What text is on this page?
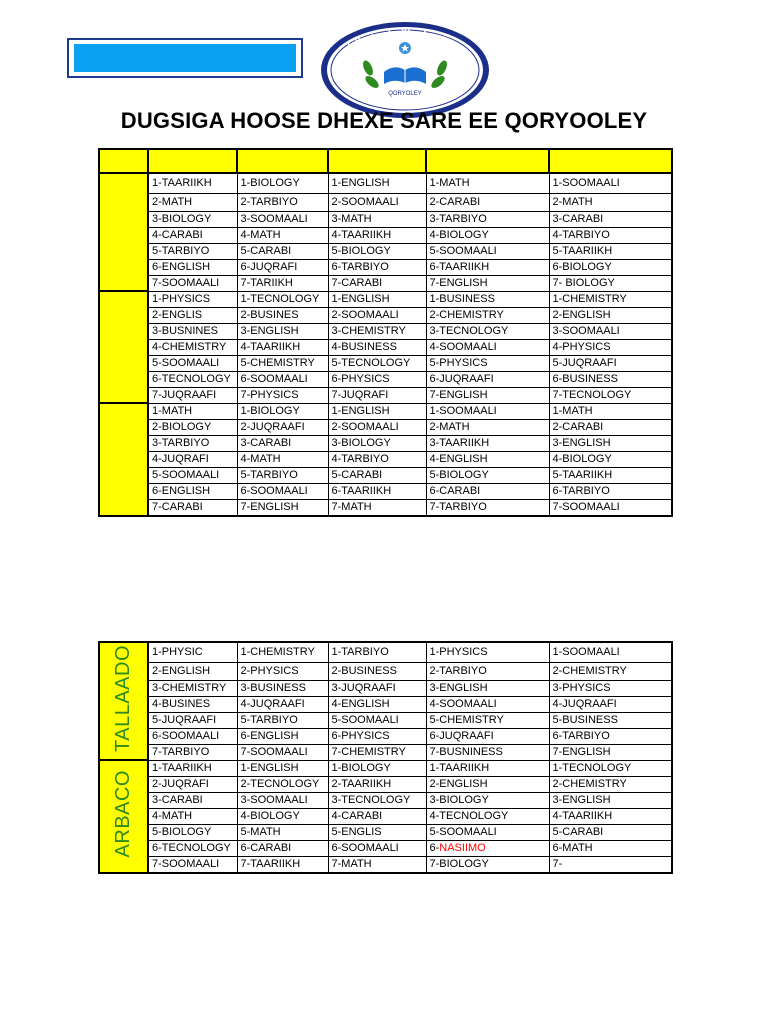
مدرسة قريولي الاساسية والثانوية
QORYOLEY PRIMARY & SECONDARY SCHOOL
QORYOLEY
DUGSIGA HOOSE DHEXE SARE EE QORYOOLEY

	1-TAARIIKH	1-BIOLOGY	1-ENGLISH	1-MATH	1-SOOMAALI
	2-MATH	2-TARBIYO	2-SOOMAALI	2-CARABI	2-MATH
	3-BIOLOGY	3-SOOMAALI	3-MATH	3-TARBIYO	3-CARABI
	4-CARABI	4-MATH	4-TAARIIKH	4-BIOLOGY	4-TARBIYO
	5-TARBIYO	5-CARABI	5-BIOLOGY	5-SOOMAALI	5-TAARIIKH
	6-ENGLISH	6-JUQRAFI	6-TARBIYO	6-TAARIIKH	6-BIOLOGY
	7-SOOMAALI	7-TARIIKH	7-CARABI	7-ENGLISH	7- BIOLOGY
	1-PHYSICS	1-TECNOLOGY	1-ENGLISH	1-BUSINESS	1-CHEMISTRY
	2-ENGLIS	2-BUSINES	2-SOOMAALI	2-CHEMISTRY	2-ENGLISH
	3-BUSNINES	3-ENGLISH	3-CHEMISTRY	3-TECNOLOGY	3-SOOMAALI
	4-CHEMISTRY	4-TAARIIKH	4-BUSINESS	4-SOOMAALI	4-PHYSICS
	5-SOOMAALI	5-CHEMISTRY	5-TECNOLOGY	5-PHYSICS	5-JUQRAAFI
	6-TECNOLOGY	6-SOOMAALI	6-PHYSICS	6-JUQRAAFI	6-BUSINESS
	7-JUQRAAFI	7-PHYSICS	7-JUQRAFI	7-ENGLISH	7-TECNOLOGY
	1-MATH	1-BIOLOGY	1-ENGLISH	1-SOOMAALI	1-MATH
	2-BIOLOGY	2-JUQRAAFI	2-SOOMAALI	2-MATH	2-CARABI
	3-TARBIYO	3-CARABI	3-BIOLOGY	3-TAARIIKH	3-ENGLISH
	4-JUQRAFI	4-MATH	4-TARBIYO	4-ENGLISH	4-BIOLOGY
	5-SOOMAALI	5-TARBIYO	5-CARABI	5-BIOLOGY	5-TAARIIKH
	6-ENGLISH	6-SOOMAALI	6-TAARIIKH	6-CARABI	6-TARBIYO
	7-CARABI	7-ENGLISH	7-MATH	7-TARBIYO	7-SOOMAALI
TALLAADO	1-PHYSIC	1-CHEMISTRY	1-TARBIYO	1-PHYSICS	1-SOOMAALI
	2-ENGLISH	2-PHYSICS	2-BUSINESS	2-TARBIYO	2-CHEMISTRY
	3-CHEMISTRY	3-BUSINESS	3-JUQRAAFI	3-ENGLISH	3-PHYSICS
	4-BUSINES	4-JUQRAAFI	4-ENGLISH	4-SOOMAALI	4-JUQRAAFI
	5-JUQRAAFI	5-TARBIYO	5-SOOMAALI	5-CHEMISTRY	5-BUSINESS
	6-SOOMAALI	6-ENGLISH	6-PHYSICS	6-JUQRAAFI	6-TARBIYO
	7-TARBIYO	7-SOOMAALI	7-CHEMISTRY	7-BUSNINESS	7-ENGLISH
ARBACO	1-TAARIIKH	1-ENGLISH	1-BIOLOGY	1-TAARIIKH	1-TECNOLOGY
	2-JUQRAFI	2-TECNOLOGY	2-TAARIIKH	2-ENGLISH	2-CHEMISTRY
	3-CARABI	3-SOOMAALI	3-TECNOLOGY	3-BIOLOGY	3-ENGLISH
	4-MATH	4-BIOLOGY	4-CARABI	4-TECNOLOGY	4-TAARIIKH
	5-BIOLOGY	5-MATH	5-ENGLIS	5-SOOMAALI	5-CARABI
	6-TECNOLOGY	6-CARABI	6-SOOMAALI	6-NASIIMO	6-MATH
	7-SOOMAALI	7-TAARIIKH	7-MATH	7-BIOLOGY	7-
